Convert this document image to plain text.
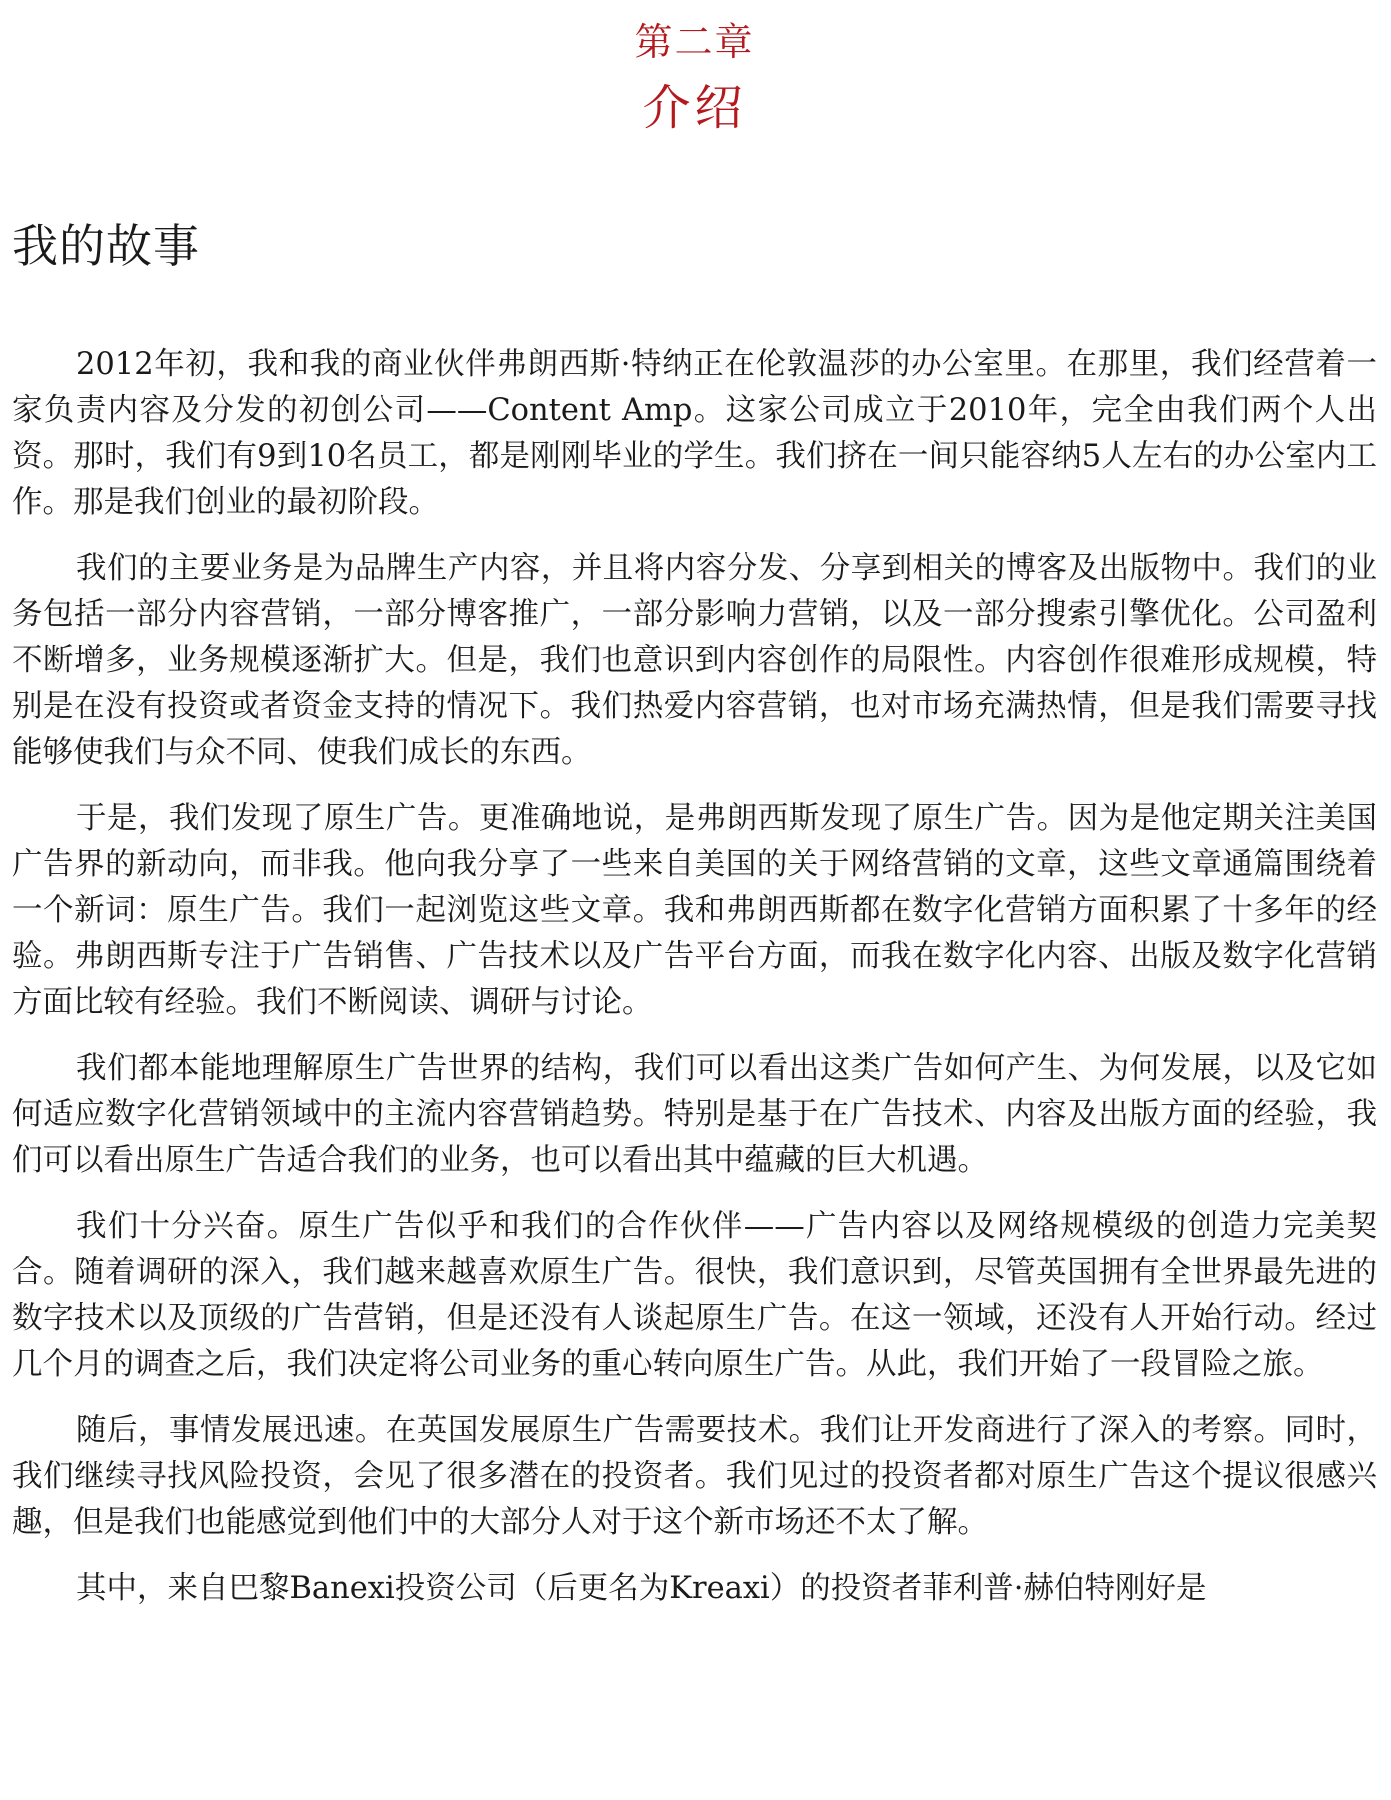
第二章
介绍
我的故事

2012年初，我和我的商业伙伴弗朗西斯·特纳正在伦敦温莎的办公室里。在那里，我们经营着一家负责内容及分发的初创公司——Content Amp。这家公司成立于2010年，完全由我们两个人出资。那时，我们有9到10名员工，都是刚刚毕业的学生。我们挤在一间只能容纳5人左右的办公室内工作。那是我们创业的最初阶段。

我们的主要业务是为品牌生产内容，并且将内容分发、分享到相关的博客及出版物中。我们的业务包括一部分内容营销，一部分博客推广，一部分影响力营销，以及一部分搜索引擎优化。公司盈利不断增多，业务规模逐渐扩大。但是，我们也意识到内容创作的局限性。内容创作很难形成规模，特别是在没有投资或者资金支持的情况下。我们热爱内容营销，也对市场充满热情，但是我们需要寻找能够使我们与众不同、使我们成长的东西。

于是，我们发现了原生广告。更准确地说，是弗朗西斯发现了原生广告。因为是他定期关注美国广告界的新动向，而非我。他向我分享了一些来自美国的关于网络营销的文章，这些文章通篇围绕着一个新词：原生广告。我们一起浏览这些文章。我和弗朗西斯都在数字化营销方面积累了十多年的经验。弗朗西斯专注于广告销售、广告技术以及广告平台方面，而我在数字化内容、出版及数字化营销方面比较有经验。我们不断阅读、调研与讨论。

我们都本能地理解原生广告世界的结构，我们可以看出这类广告如何产生、为何发展，以及它如何适应数字化营销领域中的主流内容营销趋势。特别是基于在广告技术、内容及出版方面的经验，我们可以看出原生广告适合我们的业务，也可以看出其中蕴藏的巨大机遇。

我们十分兴奋。原生广告似乎和我们的合作伙伴——广告内容以及网络规模级的创造力完美契合。随着调研的深入，我们越来越喜欢原生广告。很快，我们意识到，尽管英国拥有全世界最先进的数字技术以及顶级的广告营销，但是还没有人谈起原生广告。在这一领域，还没有人开始行动。经过几个月的调查之后，我们决定将公司业务的重心转向原生广告。从此，我们开始了一段冒险之旅。

随后，事情发展迅速。在英国发展原生广告需要技术。我们让开发商进行了深入的考察。同时，我们继续寻找风险投资，会见了很多潜在的投资者。我们见过的投资者都对原生广告这个提议很感兴趣，但是我们也能感觉到他们中的大部分人对于这个新市场还不太了解。

其中，来自巴黎Banexi投资公司（后更名为Kreaxi）的投资者菲利普·赫伯特刚好是
